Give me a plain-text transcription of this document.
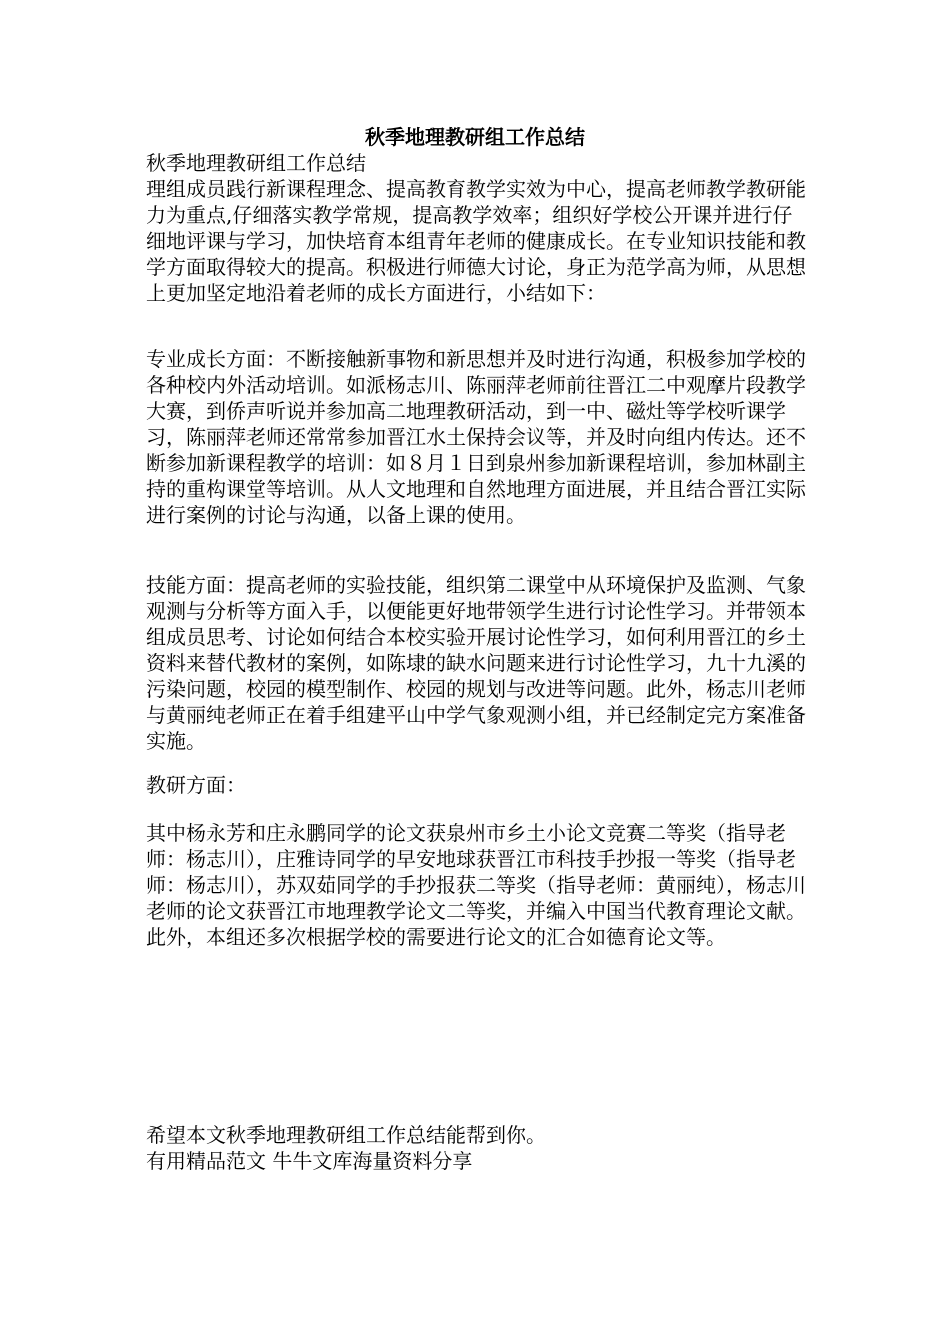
秋季地理教研组工作总结

秋季地理教研组工作总结

理组成员践行新课程理念、提高教育教学实效为中心，提高老师教学教研能力为重点,仔细落实教学常规，提高教学效率；组织好学校公开课并进行仔细地评课与学习，加快培育本组青年老师的健康成长。在专业知识技能和教学方面取得较大的提高。积极进行师德大讨论，身正为范学高为师，从思想上更加坚定地沿着老师的成长方面进行，小结如下：

专业成长方面：不断接触新事物和新思想并及时进行沟通，积极参加学校的各种校内外活动培训。如派杨志川、陈丽萍老师前往晋江二中观摩片段教学大赛，到侨声听说并参加高二地理教研活动，到一中、磁灶等学校听课学习，陈丽萍老师还常常参加晋江水土保持会议等，并及时向组内传达。还不断参加新课程教学的培训：如８月１日到泉州参加新课程培训，参加林副主持的重构课堂等培训。从人文地理和自然地理方面进展，并且结合晋江实际进行案例的讨论与沟通，以备上课的使用。

技能方面：提高老师的实验技能，组织第二课堂中从环境保护及监测、气象观测与分析等方面入手，以便能更好地带领学生进行讨论性学习。并带领本组成员思考、讨论如何结合本校实验开展讨论性学习，如何利用晋江的乡土资料来替代教材的案例，如陈埭的缺水问题来进行讨论性学习，九十九溪的污染问题，校园的模型制作、校园的规划与改进等问题。此外，杨志川老师与黄丽纯老师正在着手组建平山中学气象观测小组，并已经制定完方案准备实施。

教研方面：

其中杨永芳和庄永鹏同学的论文获泉州市乡土小论文竞赛二等奖（指导老师：杨志川），庄雅诗同学的早安地球获晋江市科技手抄报一等奖（指导老师：杨志川），苏双茹同学的手抄报获二等奖（指导老师：黄丽纯），杨志川老师的论文获晋江市地理教学论文二等奖，并编入中国当代教育理论文献。此外，本组还多次根据学校的需要进行论文的汇合如德育论文等。

希望本文秋季地理教研组工作总结能帮到你。

有用精品范文 牛牛文库海量资料分享
